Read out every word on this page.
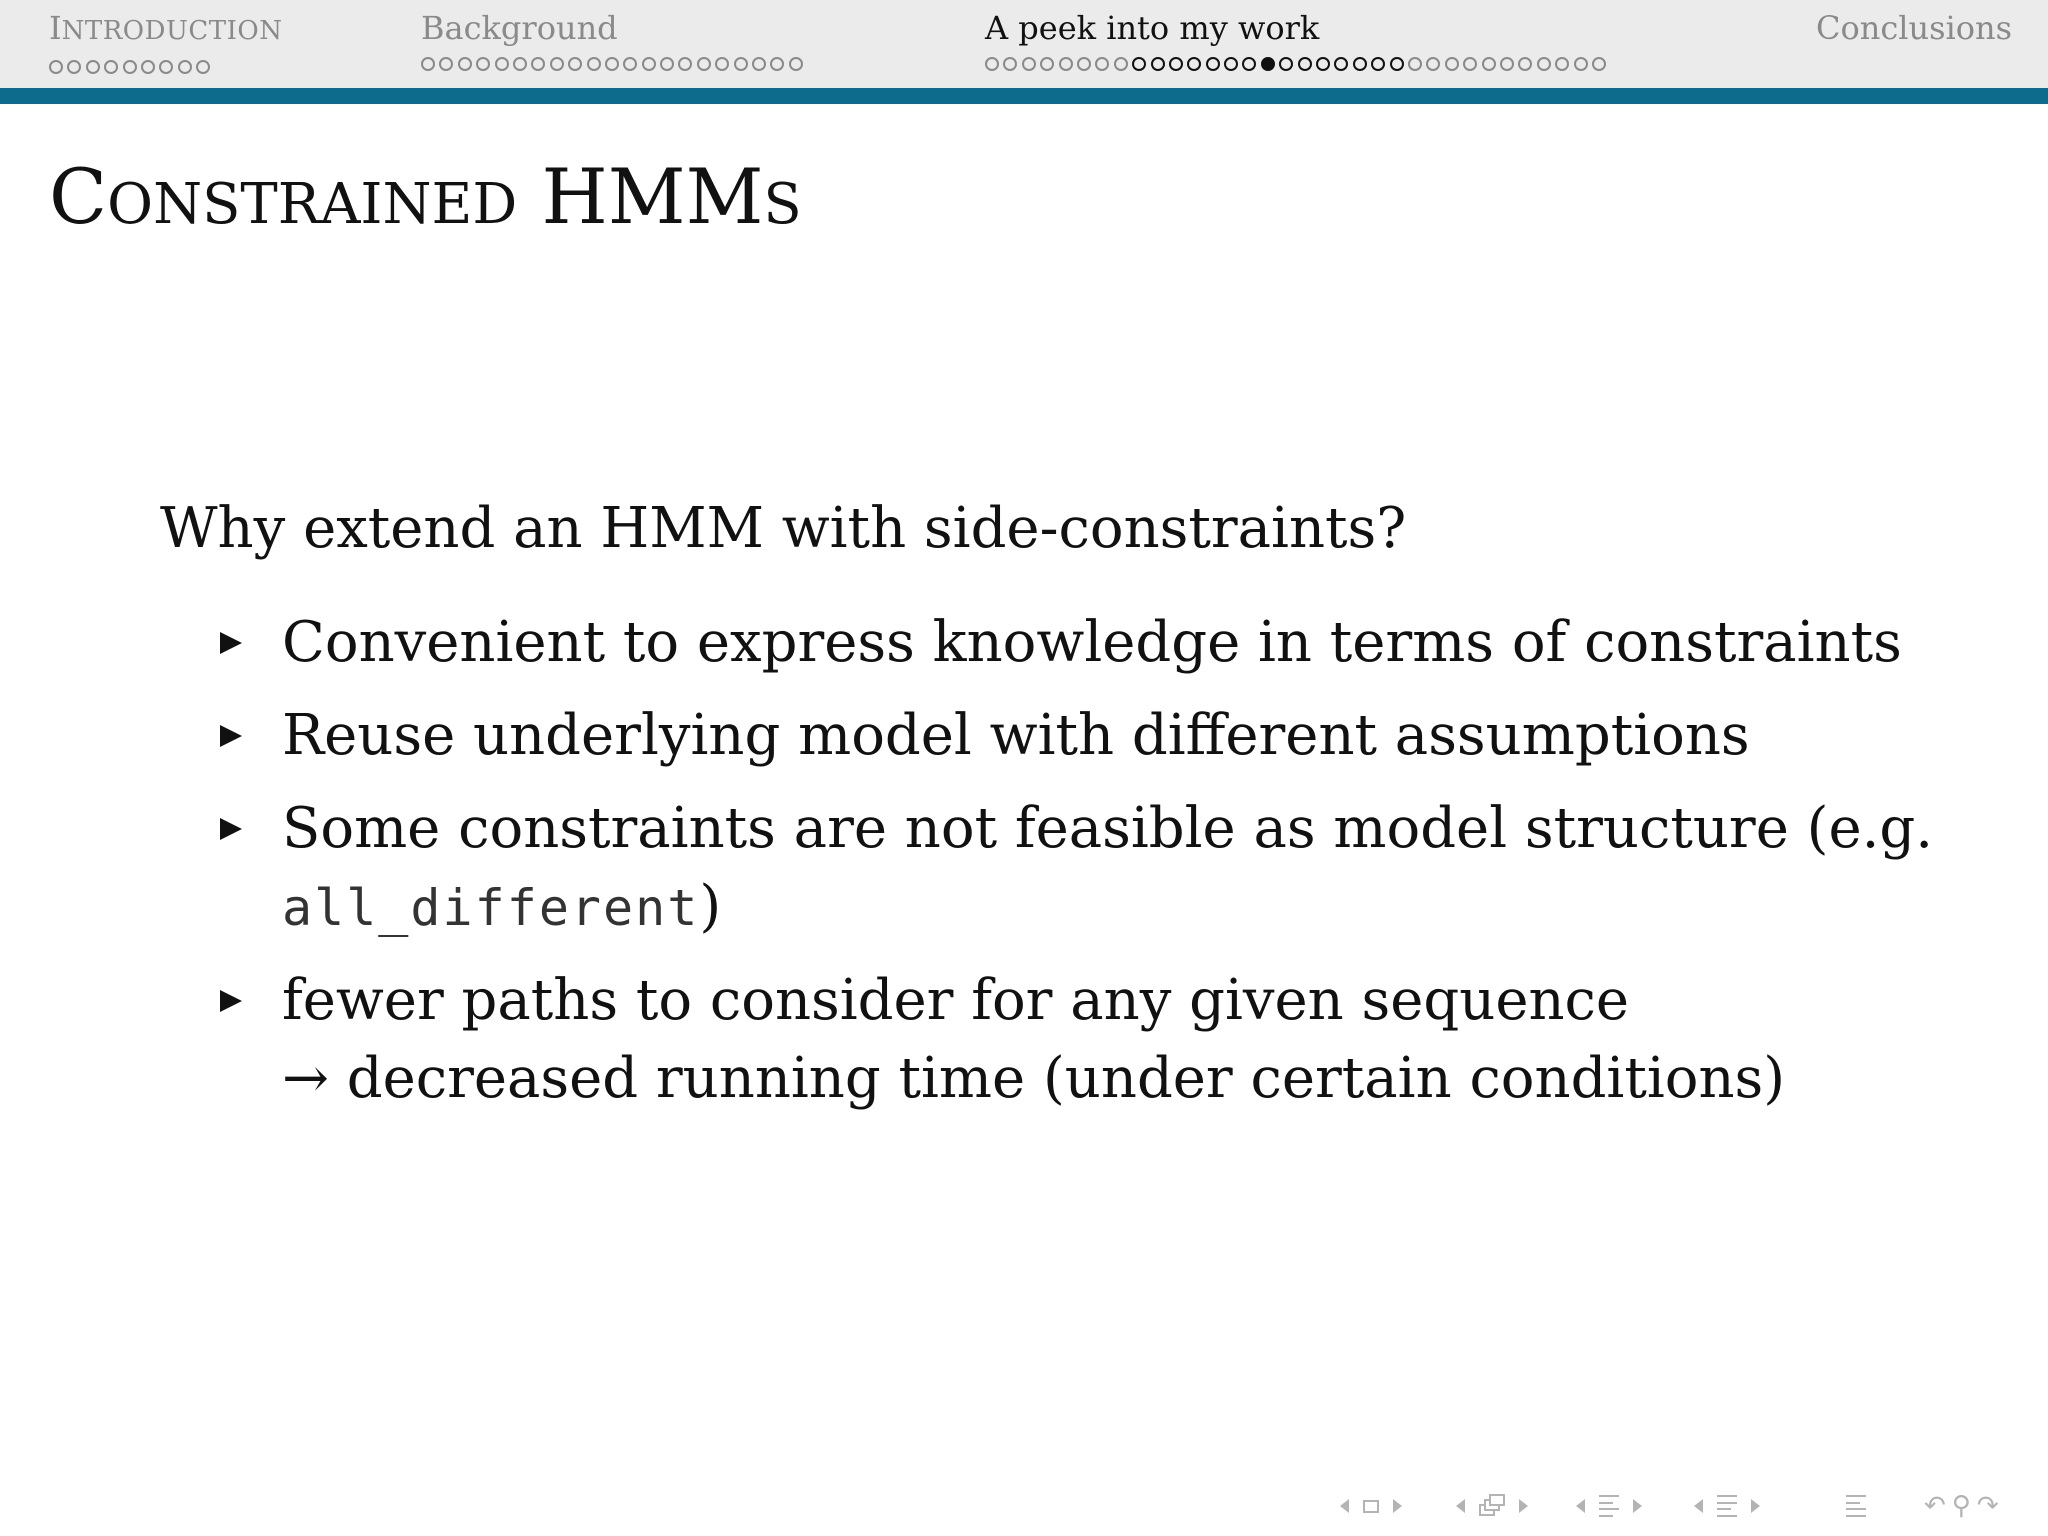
INTRODUCTION	Background	A peek into my work	Conclusions
CONSTRAINED HMMS
Why extend an HMM with side-constraints?
Convenient to express knowledge in terms of constraints
Reuse underlying model with different assumptions
Some constraints are not feasible as model structure (e.g.
all_different)
fewer paths to consider for any given sequence
→ decreased running time (under certain conditions)
↶ ⚲ ↷
